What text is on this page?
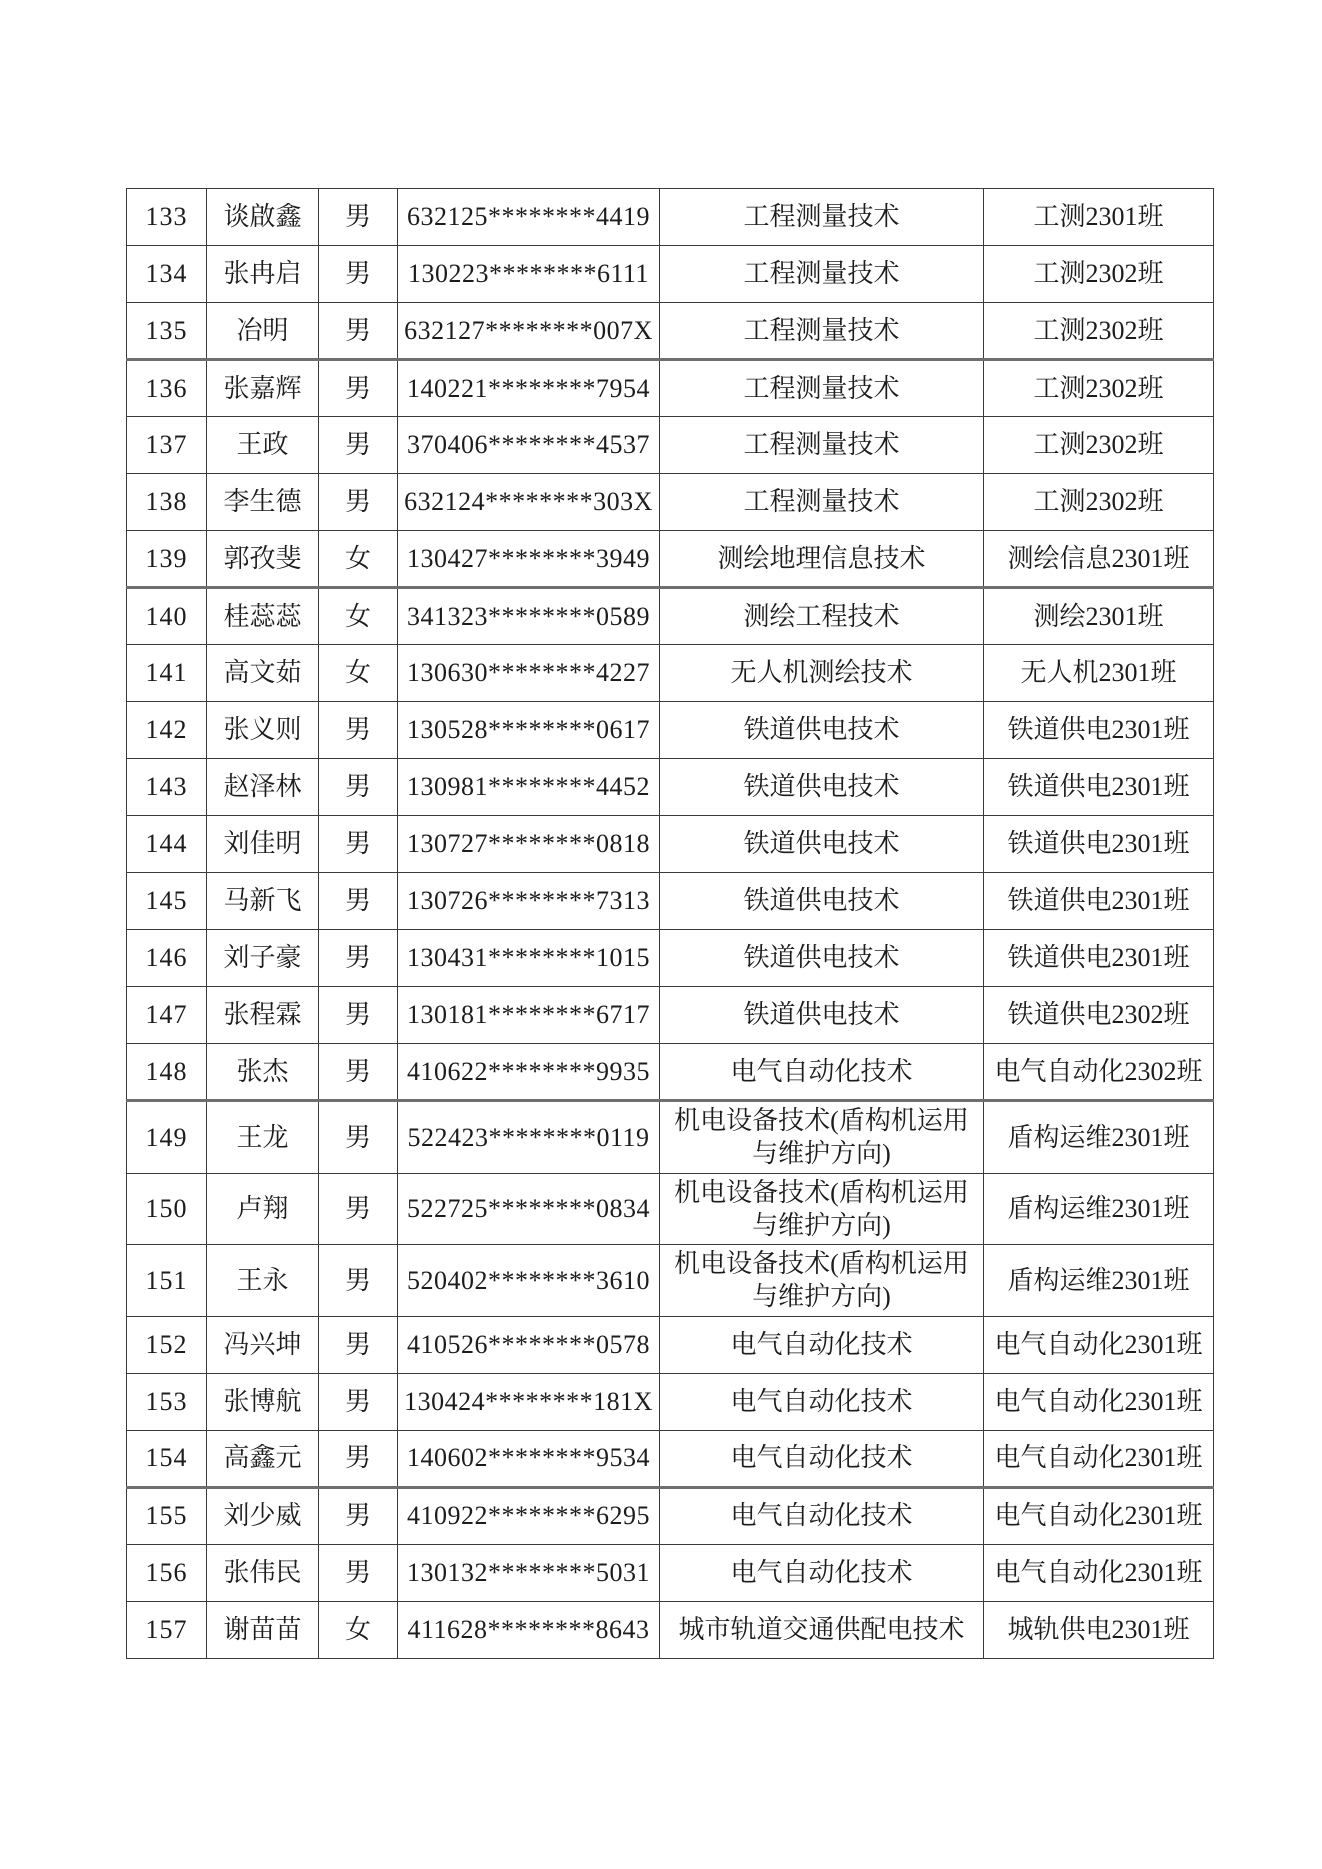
133	谈啟鑫	男	632125********4419	工程测量技术	工测2301班
134	张冉启	男	130223********6111	工程测量技术	工测2302班
135	冶明	男	632127********007X	工程测量技术	工测2302班
136	张嘉辉	男	140221********7954	工程测量技术	工测2302班
137	王政	男	370406********4537	工程测量技术	工测2302班
138	李生德	男	632124********303X	工程测量技术	工测2302班
139	郭孜斐	女	130427********3949	测绘地理信息技术	测绘信息2301班
140	桂蕊蕊	女	341323********0589	测绘工程技术	测绘2301班
141	高文茹	女	130630********4227	无人机测绘技术	无人机2301班
142	张义则	男	130528********0617	铁道供电技术	铁道供电2301班
143	赵泽林	男	130981********4452	铁道供电技术	铁道供电2301班
144	刘佳明	男	130727********0818	铁道供电技术	铁道供电2301班
145	马新飞	男	130726********7313	铁道供电技术	铁道供电2301班
146	刘子豪	男	130431********1015	铁道供电技术	铁道供电2301班
147	张程霖	男	130181********6717	铁道供电技术	铁道供电2302班
148	张杰	男	410622********9935	电气自动化技术	电气自动化2302班
149	王龙	男	522423********0119	机电设备技术(盾构机运用与维护方向)	盾构运维2301班
150	卢翔	男	522725********0834	机电设备技术(盾构机运用与维护方向)	盾构运维2301班
151	王永	男	520402********3610	机电设备技术(盾构机运用与维护方向)	盾构运维2301班
152	冯兴坤	男	410526********0578	电气自动化技术	电气自动化2301班
153	张博航	男	130424********181X	电气自动化技术	电气自动化2301班
154	高鑫元	男	140602********9534	电气自动化技术	电气自动化2301班
155	刘少威	男	410922********6295	电气自动化技术	电气自动化2301班
156	张伟民	男	130132********5031	电气自动化技术	电气自动化2301班
157	谢苗苗	女	411628********8643	城市轨道交通供配电技术	城轨供电2301班
